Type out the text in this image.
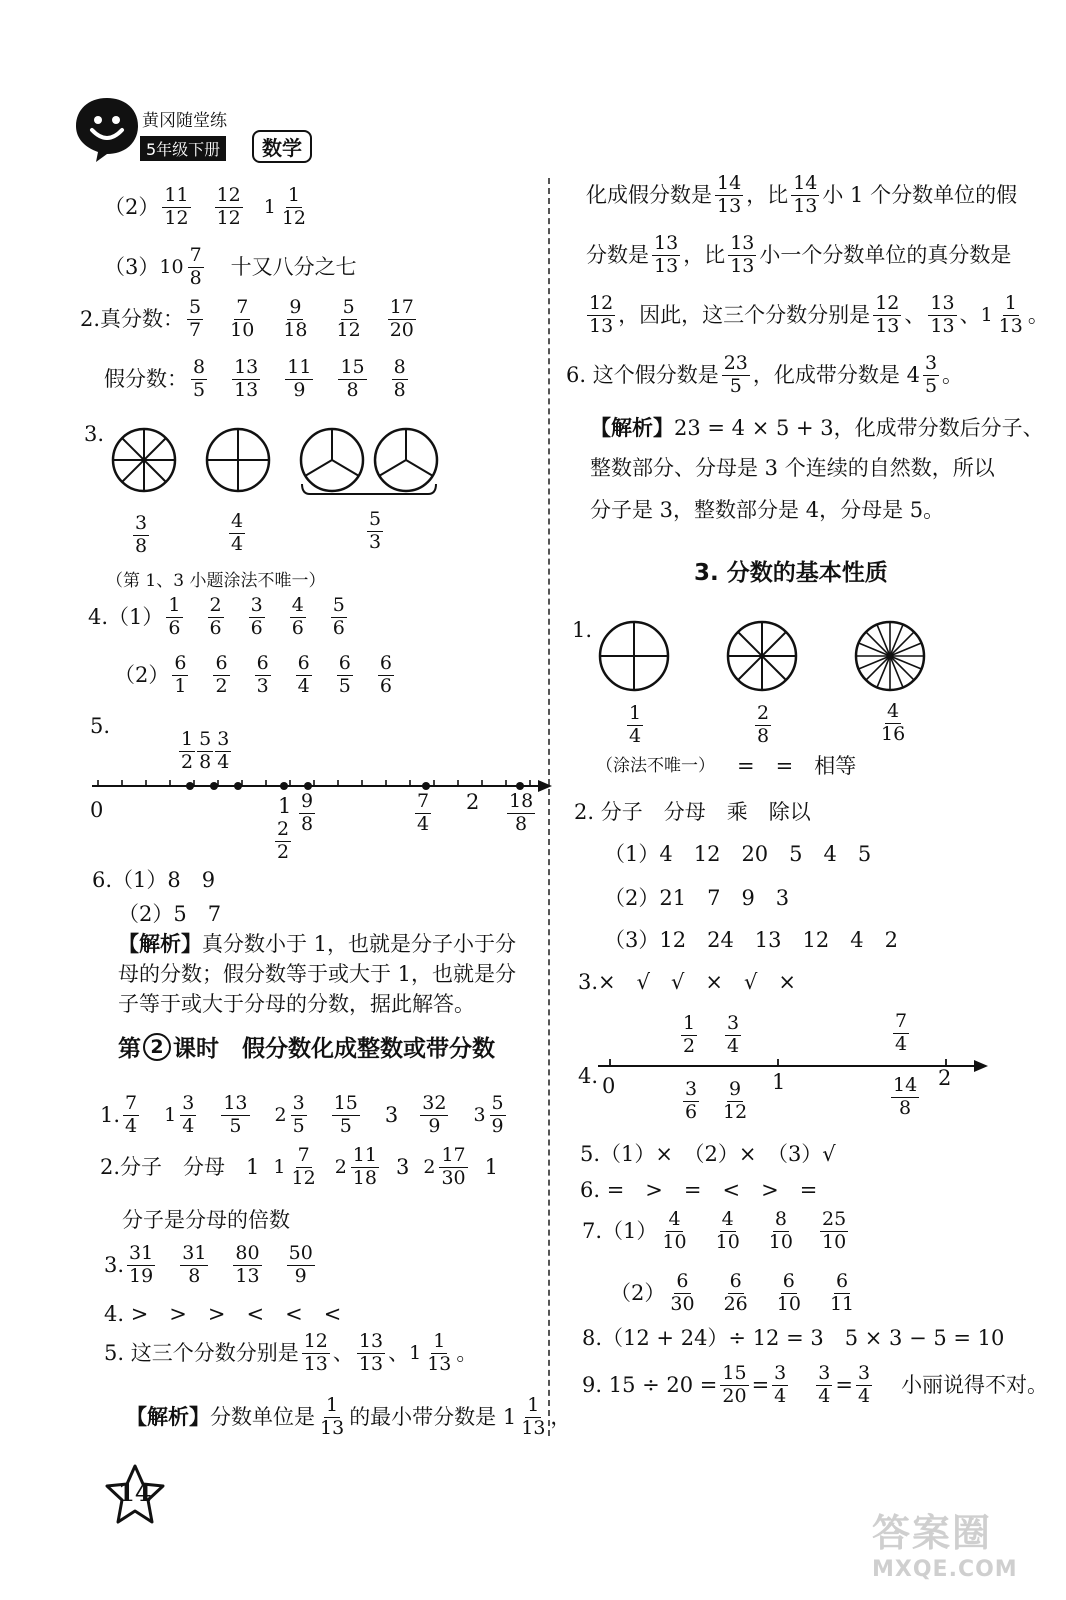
黄冈随堂练
5年级下册	数学
$(2) \frac{11}{12} \frac{12}{12} 1 \frac{1}{12}$
（3） $10 \frac{7}{8}$ 十又八分之七
2. 真分数： $\frac{5}{7} \frac{7}{10} \frac{9}{18} \frac{5}{12} \frac{17}{20}$
假分数： $\frac{8}{5} \frac{13}{13} \frac{11}{9} \frac{15}{8} \frac{8}{8}$
3.
$\frac{3}{8}$	$\frac{4}{4}$	$\frac{5}{3}$
（第 1、3 小题涂法不唯一）
4. $(1) \frac{1}{6} \frac{2}{6} \frac{3}{6} \frac{4}{6} \frac{5}{6}$
$(2) \frac{6}{1} \frac{6}{2} \frac{6}{3} \frac{6}{4} \frac{6}{5} \frac{6}{6}$
5.
$\frac{1}{2} \frac{5}{8} \frac{3}{4}$
0	1
$\frac{2}{2}$
$\frac{9}{8}$	$\frac{7}{4} 2 \frac{18}{8}$
6.（1）8　9
（2）5　7
【解析】真分数小于 1，也就是分子小于分
母的分数；假分数等于或大于 1，也就是分
子等于或大于分母的分数，据此解答。
第 2 课时　假分数化成整数或带分数
1. $\frac{7}{4} 1 \frac{3}{4} \frac{13}{5} 2 \frac{3}{5} \frac{15}{5} 3 \frac{32}{9} 3 \frac{5}{9}$
2. 分子　分母　1 $1 \frac{7}{12} 2 \frac{11}{18} 3$ $2 \frac{17}{30} 1$
分子是分母的倍数
3. $\frac{31}{19} \frac{31}{8} \frac{80}{13} \frac{50}{9}$
4. >　>　>　<　<　<
5. 这三个分数分别是 $\frac{12}{13}$ 、 $\frac{13}{13}$ 、 $1 \frac{1}{13}$ 。
【解析】 分数单位是 $\frac{1}{13}$ 的最小带分数是 $1 \frac{1}{13}$ ，
化成假分数是 $\frac{14}{13}$ ，比 $\frac{14}{13}$ 小 1 个分数单位的假
分数是 $\frac{13}{13}$ ，比 $\frac{13}{13}$ 小一个分数单位的真分数是
$\frac{12}{13}$ ，因此，这三个分数分别是 $\frac{12}{13}$ 、 $\frac{13}{13}$ 、 $1 \frac{1}{13}$ 。
6. 这个假分数是 $\frac{23}{5}$ ，化成带分数是 $4 \frac{3}{5}$ 。
【解析】23 = 4 × 5 + 3，化成带分数后分子、
整数部分、分母是 3 个连续的自然数，所以
分子是 3，整数部分是 4，分母是 5。
3. 分数的基本性质
1.
$\frac{1}{4}$	$\frac{2}{8}$	$\frac{4}{16}$
（涂法不唯一） =　=　相等
2. 分子　分母　乘　除以
（1）4　12　20　5　4　5
（2）21　7　9　3
（3）12　24　13　12　4　2
3.×　√　√　×　√　×
4.
$\frac{1}{2} \frac{3}{4}$	$\frac{7}{4}$
0	1	2
$\frac{3}{6} \frac{9}{12}$	$\frac{14}{8}$
5.（1）×　（2）×　（3）√
6. =　>　=　<　>　=
7. $(1) \frac{4}{10} \frac{4}{10} \frac{8}{10} \frac{25}{10}$
$(2) \frac{6}{30} \frac{6}{26} \frac{6}{10} \frac{6}{11}$
8.（12 + 24）÷ 12 = 3　5 × 3 − 5 = 10
9. $15 \div 20 = \frac{15}{20} = \frac{3}{4} \frac{3}{4} = \frac{3}{4}$ 小丽说得不对。
14
答案圈
MXQE.COM
